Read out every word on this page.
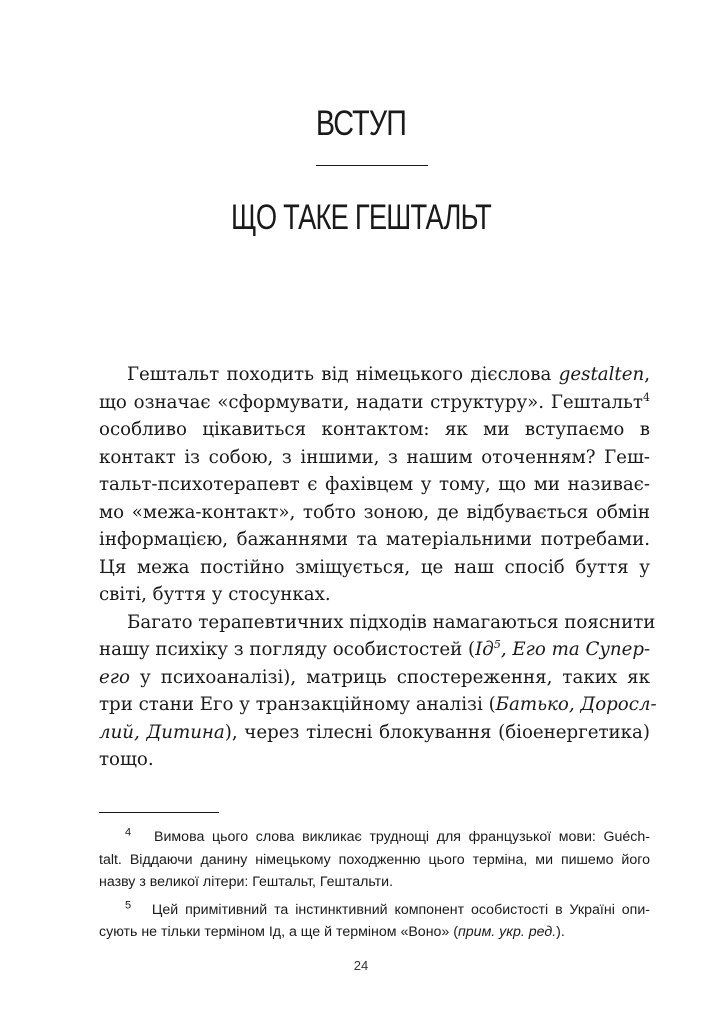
ВСТУП
ЩО ТАКЕ ГЕШТАЛЬТ
Гештальт походить від німецького дієслова gestalten,
що означає «сформувати, надати структуру». Гештальт$^4$
особливо цікавиться контактом: як ми вступаємо в
контакт із собою, з іншими, з нашим оточенням? Геш-
тальт-психотерапевт є фахівцем у тому, що ми називає-
мо «межа-контакт», тобто зоною, де відбувається обмін
інформацією, бажаннями та матеріальними потребами.
Ця межа постійно зміщується, це наш спосіб буття у
світі, буття у стосунках.
Багато терапевтичних підходів намагаються пояснити
нашу психіку з погляду особистостей ($Ід^5$, Его та Супер-
его у психоаналізі), матриць спостереження, таких як
три стани Его у транзакційному аналізі (Батько, Доросл-
лий, Дитина), через тілесні блокування (біоенергетика)
тощо.
$^4$ Вимова цього слова викликає труднощі для французької мови: Guéch-
talt. Віддаючи данину німецькому походженню цього терміна, ми пишемо його
назву з великої літери: Гештальт, Гештальти.
$^5$ Цей примітивний та інстинктивний компонент особистості в Україні опи-
сують не тільки терміном Ід, а ще й терміном «Воно» (прим. укр. ред.).
24
